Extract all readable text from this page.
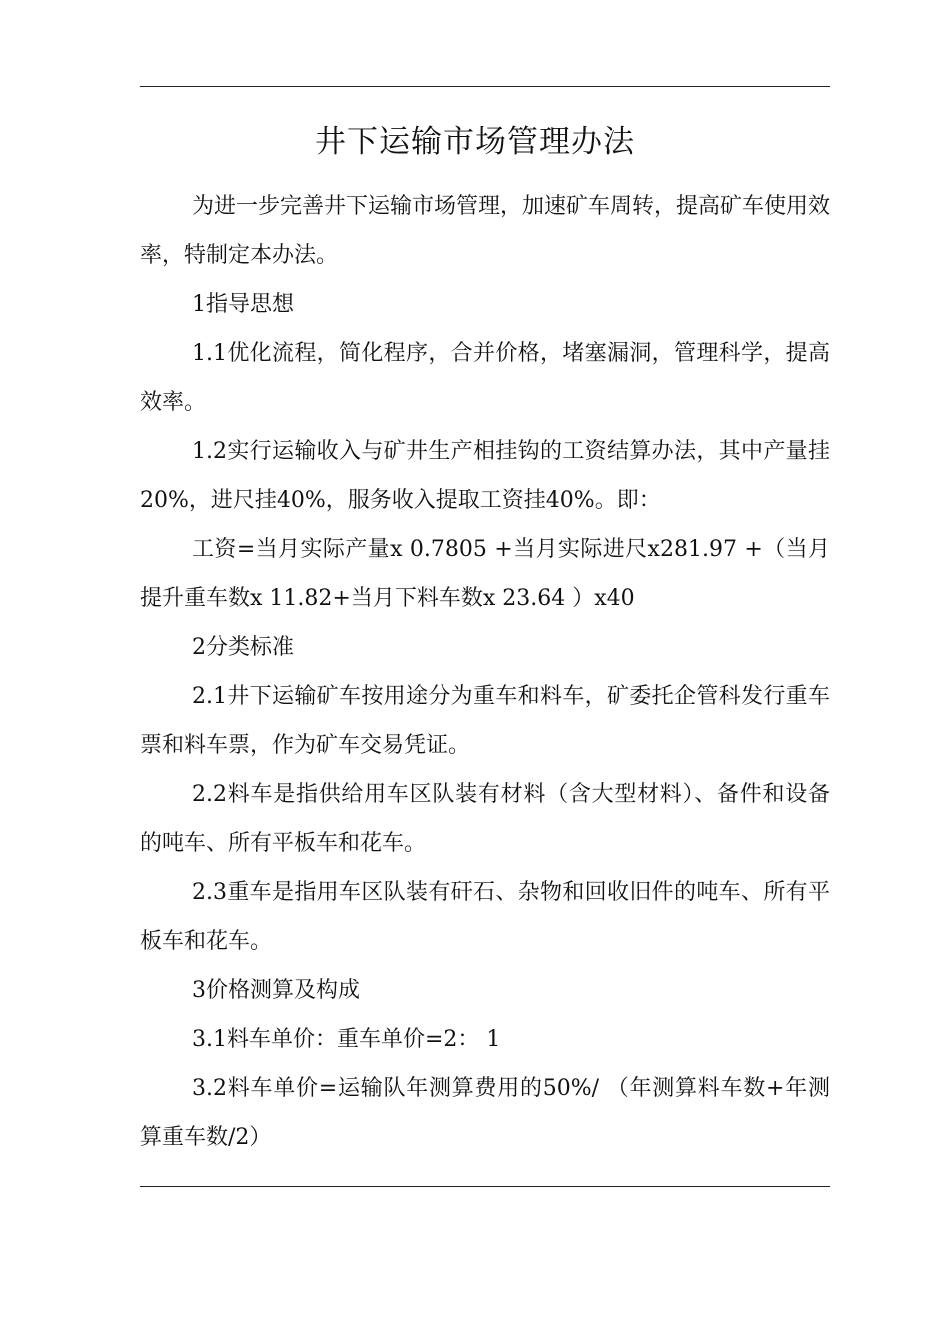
井下运输市场管理办法

为进一步完善井下运输市场管理，加速矿车周转，提高矿车使用效率，特制定本办法。

1指导思想

1.1优化流程，简化程序，合并价格，堵塞漏洞，管理科学，提高效率。

1.2实行运输收入与矿井生产相挂钩的工资结算办法，其中产量挂20%，进尺挂40%，服务收入提取工资挂40%。即：

工资=当月实际产量x 0.7805 +当月实际进尺x281.97 +（当月提升重车数x 11.82+当月下料车数x 23.64 ）x40

2分类标准

2.1井下运输矿车按用途分为重车和料车，矿委托企管科发行重车票和料车票，作为矿车交易凭证。

2.2料车是指供给用车区队装有材料（含大型材料）、备件和设备的吨车、所有平板车和花车。

2.3重车是指用车区队装有矸石、杂物和回收旧件的吨车、所有平板车和花车。

3价格测算及构成

3.1料车单价：重车单价=2： 1

3.2料车单价=运输队年测算费用的50%/ （年测算料车数+年测算重车数/2）
